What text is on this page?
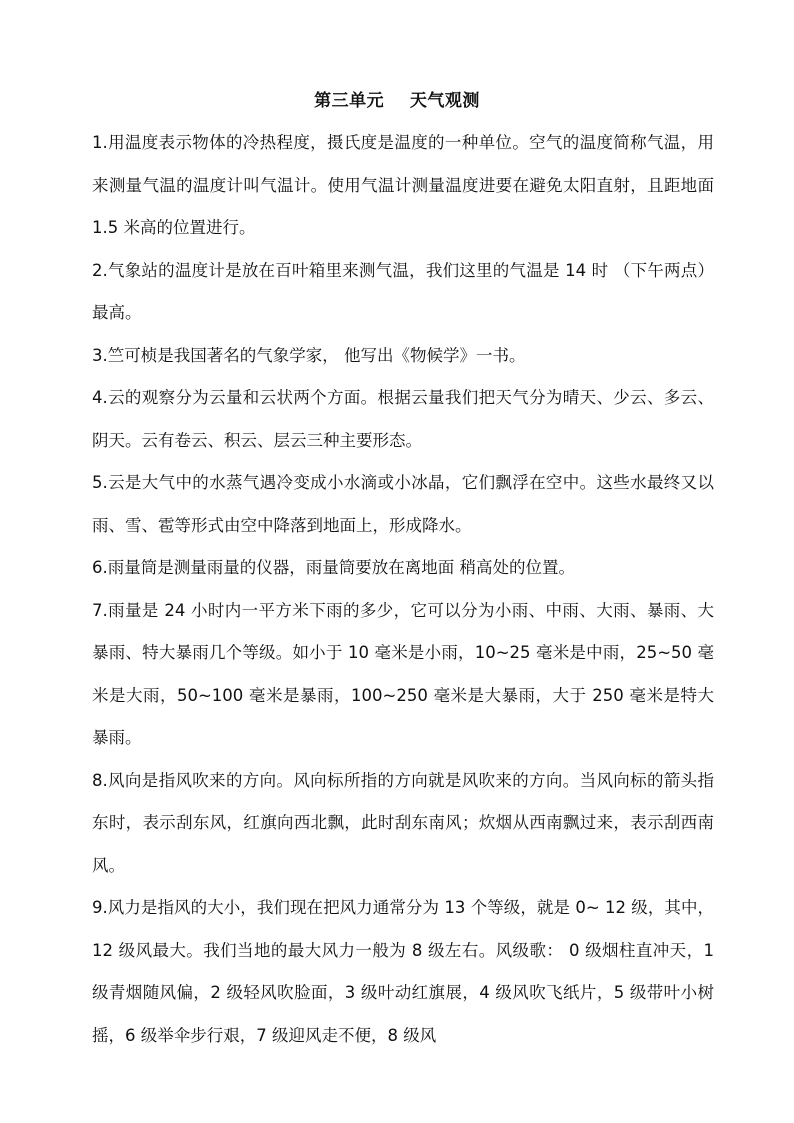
第三单元    天气观测

1.用温度表示物体的冷热程度，摄氏度是温度的一种单位。空气的温度简称气温，用来测量气温的温度计叫气温计。使用气温计测量温度进要在避免太阳直射，且距地面 1.5 米高的位置进行。

2.气象站的温度计是放在百叶箱里来测气温，我们这里的气温是 14 时 （下午两点）最高。

3.竺可桢是我国著名的气象学家， 他写出《物候学》一书。

4.云的观察分为云量和云状两个方面。根据云量我们把天气分为晴天、少云、多云、阴天。云有卷云、积云、层云三种主要形态。

5.云是大气中的水蒸气遇冷变成小水滴或小冰晶，它们飘浮在空中。这些水最终又以雨、雪、雹等形式由空中降落到地面上，形成降水。

6.雨量筒是测量雨量的仪器，雨量筒要放在离地面 稍高处的位置。

7.雨量是 24 小时内一平方米下雨的多少，它可以分为小雨、中雨、大雨、暴雨、大暴雨、特大暴雨几个等级。如小于 10 毫米是小雨，10~25 毫米是中雨，25~50 毫米是大雨，50~100 毫米是暴雨，100~250 毫米是大暴雨，大于 250 毫米是特大暴雨。

8.风向是指风吹来的方向。风向标所指的方向就是风吹来的方向。当风向标的箭头指东时，表示刮东风，红旗向西北飘，此时刮东南风；炊烟从西南飘过来，表示刮西南风。

9.风力是指风的大小，我们现在把风力通常分为 13 个等级，就是 0~ 12 级，其中， 12 级风最大。我们当地的最大风力一般为 8 级左右。风级歌： 0 级烟柱直冲天，1 级青烟随风偏，2 级轻风吹脸面，3 级叶动红旗展，4 级风吹飞纸片，5 级带叶小树摇，6 级举伞步行艰，7 级迎风走不便，8 级风
